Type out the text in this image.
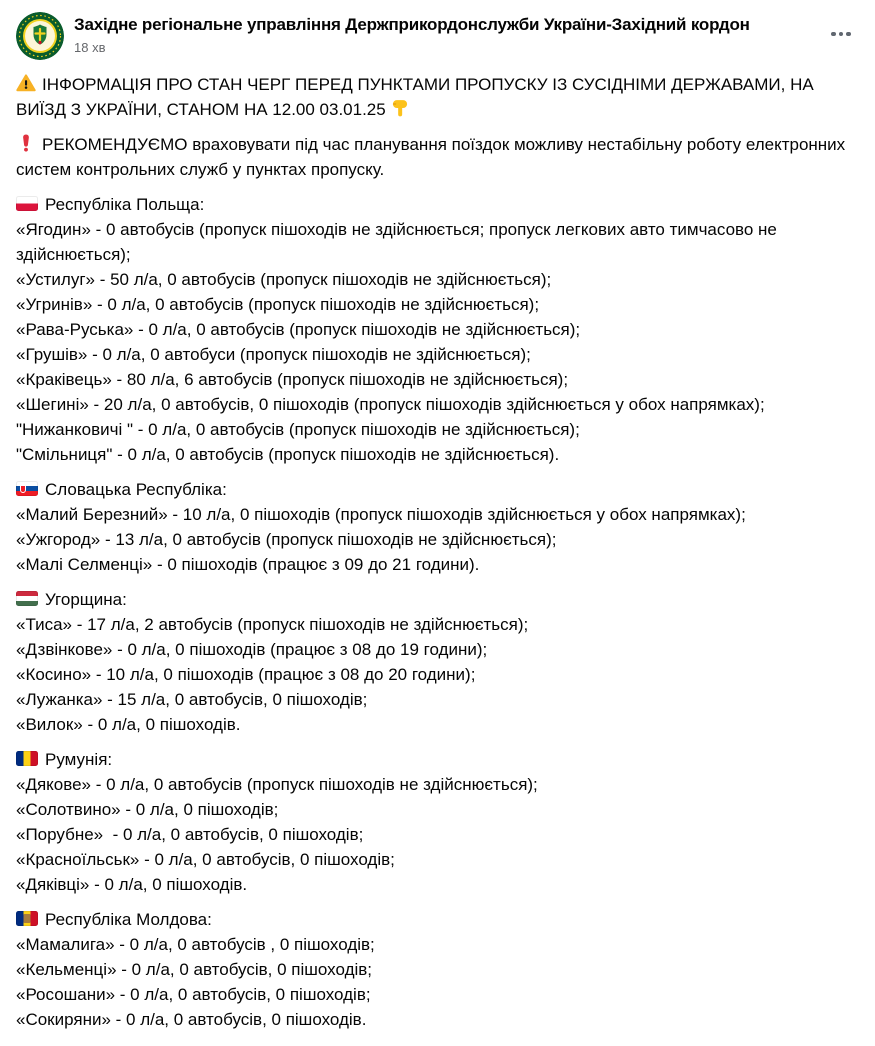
Західне регіональне управління Держприкордонслужби України-Західний кордон
18 хв

ІНФОРМАЦІЯ ПРО СТАН ЧЕРГ ПЕРЕД ПУНКТАМИ ПРОПУСКУ ІЗ СУСІДНІМИ ДЕРЖАВАМИ, НА ВИЇЗД З УКРАЇНИ, СТАНОМ НА 12.00 03.01.25

РЕКОМЕНДУЄМО враховувати під час планування поїздок можливу нестабільну роботу електронних систем контрольних служб у пунктах пропуску.

Республіка Польща:
«Ягодин» - 0 автобусів (пропуск пішоходів не здійснюється; пропуск легкових авто тимчасово не здійснюється);
«Устилуг» - 50 л/а, 0 автобусів (пропуск пішоходів не здійснюється);
«Угринів» - 0 л/а, 0 автобусів (пропуск пішоходів не здійснюється);
«Рава-Руська» - 0 л/а, 0 автобусів (пропуск пішоходів не здійснюється);
«Грушів» - 0 л/а, 0 автобуси (пропуск пішоходів не здійснюється);
«Краківець» - 80 л/а, 6 автобусів (пропуск пішоходів не здійснюється);
«Шегині» - 20 л/а, 0 автобусів, 0 пішоходів (пропуск пішоходів здійснюється у обох напрямках);
"Нижанковичі " - 0 л/а, 0 автобусів (пропуск пішоходів не здійснюється);
"Смільниця" - 0 л/а, 0 автобусів (пропуск пішоходів не здійснюється).
Словацька Республіка:
«Малий Березний» - 10 л/а, 0 пішоходів (пропуск пішоходів здійснюється у обох напрямках);
«Ужгород» - 13 л/а, 0 автобусів (пропуск пішоходів не здійснюється);
«Малі Селменці» - 0 пішоходів (працює з 09 до 21 години).
Угорщина:
«Тиса» - 17 л/а, 2 автобусів (пропуск пішоходів не здійснюється);
«Дзвінкове» - 0 л/а, 0 пішоходів (працює з 08 до 19 години);
«Косино» - 10 л/а, 0 пішоходів (працює з 08 до 20 години);
«Лужанка» - 15 л/а, 0 автобусів, 0 пішоходів;
«Вилок» - 0 л/а, 0 пішоходів.
Румунія:
«Дякове» - 0 л/а, 0 автобусів (пропуск пішоходів не здійснюється);
«Солотвино» - 0 л/а, 0 пішоходів;
«Порубне»  - 0 л/а, 0 автобусів, 0 пішоходів;
«Красноїльськ» - 0 л/а, 0 автобусів, 0 пішоходів;
«Дяківці» - 0 л/а, 0 пішоходів.
Республіка Молдова:
«Мамалига» - 0 л/а, 0 автобусів , 0 пішоходів;
«Кельменці» - 0 л/а, 0 автобусів, 0 пішоходів;
«Росошани» - 0 л/а, 0 автобусів, 0 пішоходів;
«Сокиряни» - 0 л/а, 0 автобусів, 0 пішоходів.
